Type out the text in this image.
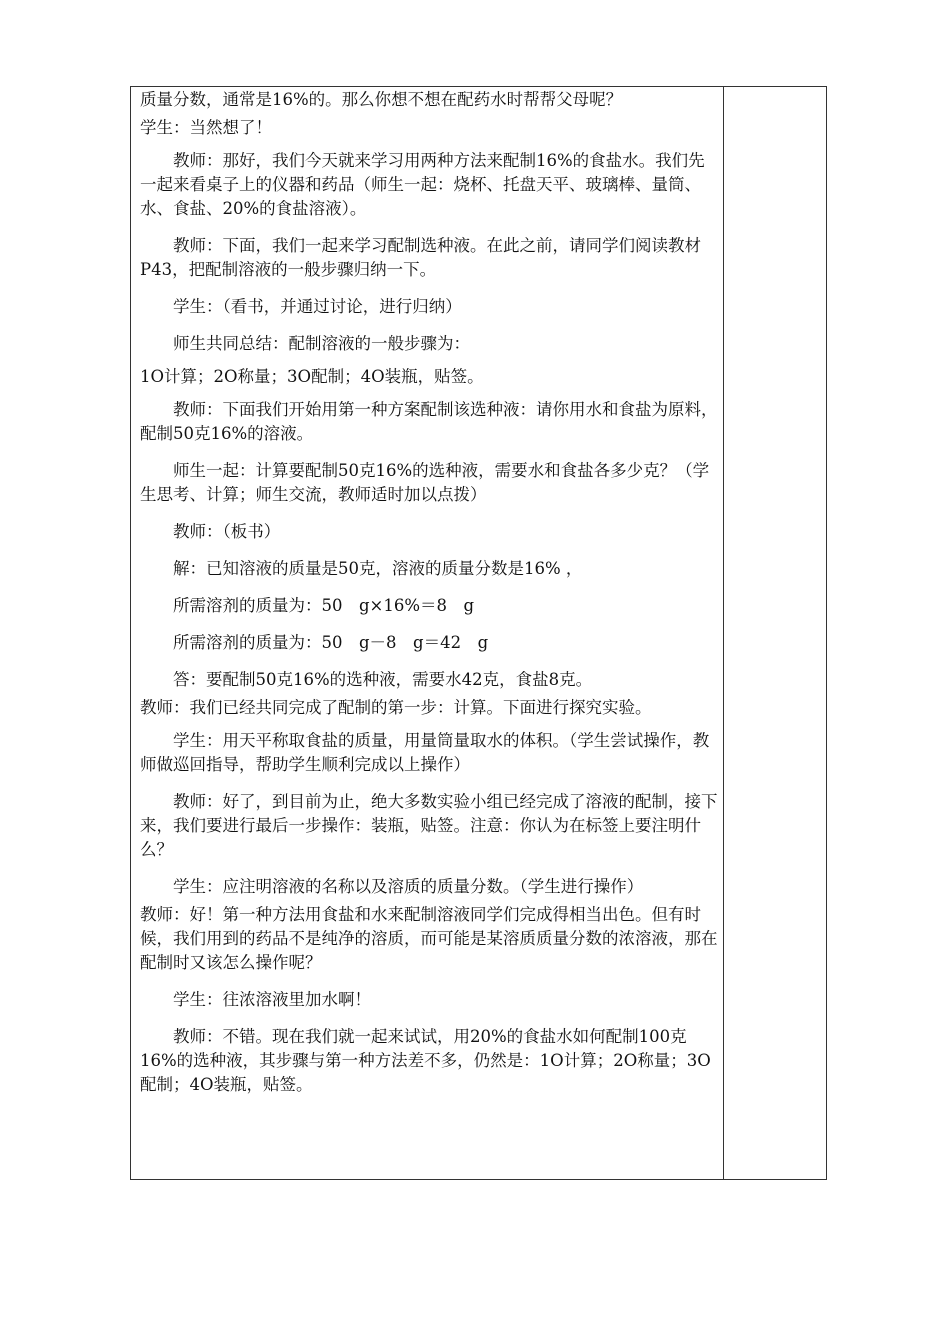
质量分数，通常是16%的。那么你想不想在配药水时帮帮父母呢？

学生：当然想了！

教师：那好，我们今天就来学习用两种方法来配制16%的食盐水。我们先一起来看桌子上的仪器和药品（师生一起：烧杯、托盘天平、玻璃棒、量筒、水、食盐、20%的食盐溶液）。

教师：下面，我们一起来学习配制选种液。在此之前，请同学们阅读教材P43，把配制溶液的一般步骤归纳一下。

学生：（看书，并通过讨论，进行归纳）

师生共同总结：配制溶液的一般步骤为：

1O计算；2O称量；3O配制；4O装瓶，贴签。

教师：下面我们开始用第一种方案配制该选种液：请你用水和食盐为原料，配制50克16%的溶液。

师生一起：计算要配制50克16%的选种液，需要水和食盐各多少克？（学生思考、计算；师生交流，教师适时加以点拨）

教师：（板书）

解：已知溶液的质量是50克，溶液的质量分数是16% ，

所需溶剂的质量为：50　g×16%＝8　g

所需溶剂的质量为：50　g－8　g＝42　g

答：要配制50克16%的选种液，需要水42克，食盐8克。

教师：我们已经共同完成了配制的第一步：计算。下面进行探究实验。

学生：用天平称取食盐的质量，用量筒量取水的体积。（学生尝试操作，教师做巡回指导，帮助学生顺利完成以上操作）

教师：好了，到目前为止，绝大多数实验小组已经完成了溶液的配制，接下来，我们要进行最后一步操作：装瓶，贴签。注意：你认为在标签上要注明什么？

学生：应注明溶液的名称以及溶质的质量分数。（学生进行操作）

教师：好！第一种方法用食盐和水来配制溶液同学们完成得相当出色。但有时候，我们用到的药品不是纯净的溶质，而可能是某溶质质量分数的浓溶液，那在配制时又该怎么操作呢？

学生：往浓溶液里加水啊！

教师：不错。现在我们就一起来试试，用20%的食盐水如何配制100克16%的选种液，其步骤与第一种方法差不多，仍然是：1O计算；2O称量；3O配制；4O装瓶，贴签。
